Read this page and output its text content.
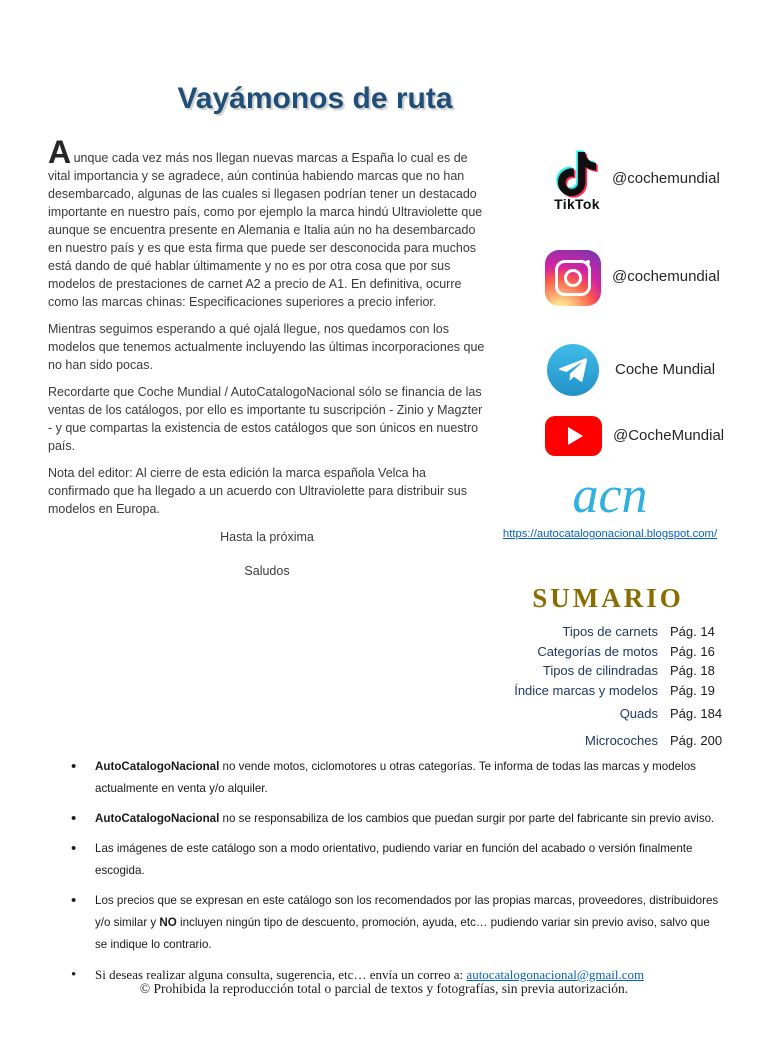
Vayámonos de ruta

Aunque cada vez más nos llegan nuevas marcas a España lo cual es de vital importancia y se agradece, aún continúa habiendo marcas que no han desembarcado, algunas de las cuales si llegasen podrían tener un destacado importante en nuestro país, como por ejemplo la marca hindú Ultraviolette que aunque se encuentra presente en Alemania e Italia aún no ha desembarcado en nuestro país y es que esta firma que puede ser desconocida para muchos está dando de qué hablar últimamente y no es por otra cosa que por sus modelos de prestaciones de carnet A2 a precio de A1. En definitiva, ocurre como las marcas chinas: Especificaciones superiores a precio inferior.

Mientras seguimos esperando a qué ojalá llegue, nos quedamos con los modelos que tenemos actualmente incluyendo las últimas incorporaciones que no han sido pocas.

Recordarte que Coche Mundial / AutoCatalogoNacional sólo se financia de las ventas de los catálogos, por ello es importante tu suscripción - Zinio y Magzter - y que compartas la existencia de estos catálogos que son únicos en nuestro país.

Nota del editor: Al cierre de esta edición la marca española Velca ha confirmado que ha llegado a un acuerdo con Ultraviolette para distribuir sus modelos en Europa.

Hasta la próxima

Saludos

TikTok
@cochemundial
@cochemundial
Coche Mundial
@CocheMundial
acn
https://autocatalogonacional.blogspot.com/
SUMARIO
Tipos de carnets Pág. 14
Categorías de motos Pág. 16
Tipos de cilindradas Pág. 18
Índice marcas y modelos Pág. 19
Quads Pág. 184
Microcoches Pág. 200
• AutoCatalogoNacional no vende motos, ciclomotores u otras categorías. Te informa de todas las marcas y modelos actualmente en venta y/o alquiler.
• AutoCatalogoNacional no se responsabiliza de los cambios que puedan surgir por parte del fabricante sin previo aviso.
• Las imágenes de este catálogo son a modo orientativo, pudiendo variar en función del acabado o versión finalmente escogida.
• Los precios que se expresan en este catálogo son los recomendados por las propias marcas, proveedores, distribuidores y/o similar y NO incluyen ningún tipo de descuento, promoción, ayuda, etc… pudiendo variar sin previo aviso, salvo que se indique lo contrario.
• Si deseas realizar alguna consulta, sugerencia, etc… envía un correo a: autocatalogonacional@gmail.com
© Prohibida la reproducción total o parcial de textos y fotografías, sin previa autorización.
